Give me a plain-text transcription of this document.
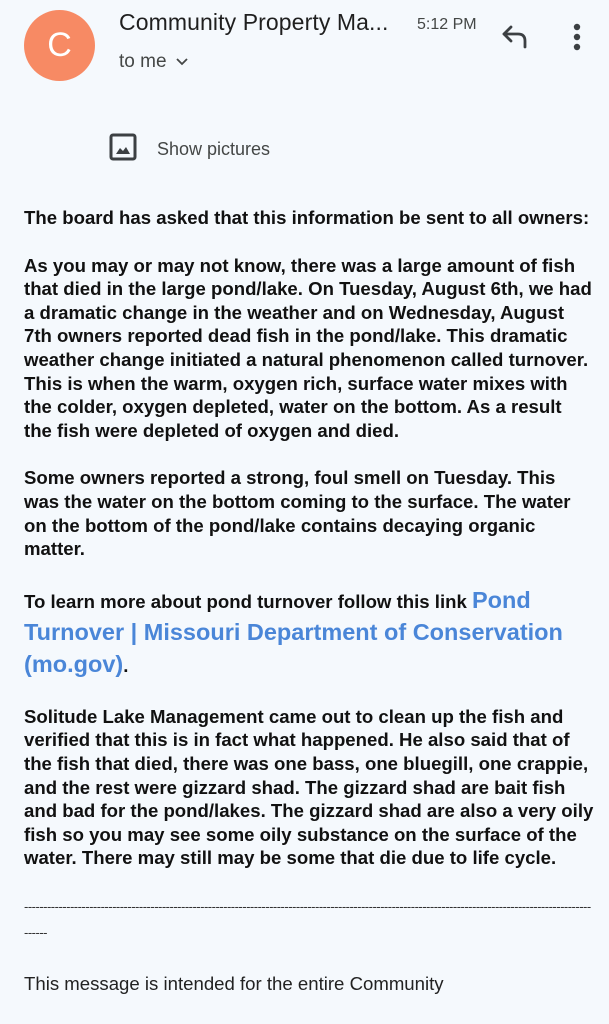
C
Community Property Ma... 5:12 PM
to me
Show pictures

The board has asked that this information be sent to all owners:

As you may or may not know, there was a large amount of fish that died in the large pond/lake. On Tuesday, August 6th, we had a dramatic change in the weather and on Wednesday, August 7th owners reported dead fish in the pond/lake. This dramatic weather change initiated a natural phenomenon called turnover. This is when the warm, oxygen rich, surface water mixes with the colder, oxygen depleted, water on the bottom. As a result the fish were depleted of oxygen and died.

Some owners reported a strong, foul smell on Tuesday. This was the water on the bottom coming to the surface. The water on the bottom of the pond/lake contains decaying organic matter.

To learn more about pond turnover follow this link Pond Turnover | Missouri Department of Conservation (mo.gov).

Solitude Lake Management came out to clean up the fish and verified that this is in fact what happened. He also said that of the fish that died, there was one bass, one bluegill, one crappie, and the rest were gizzard shad. The gizzard shad are bait fish and bad for the pond/lakes. The gizzard shad are also a very oily fish so you may see some oily substance on the surface of the water. There may still may be some that die due to life cycle.

----------------------------------------------------------------------------------------------------------------------------------------------------------
This message is intended for the entire Community
